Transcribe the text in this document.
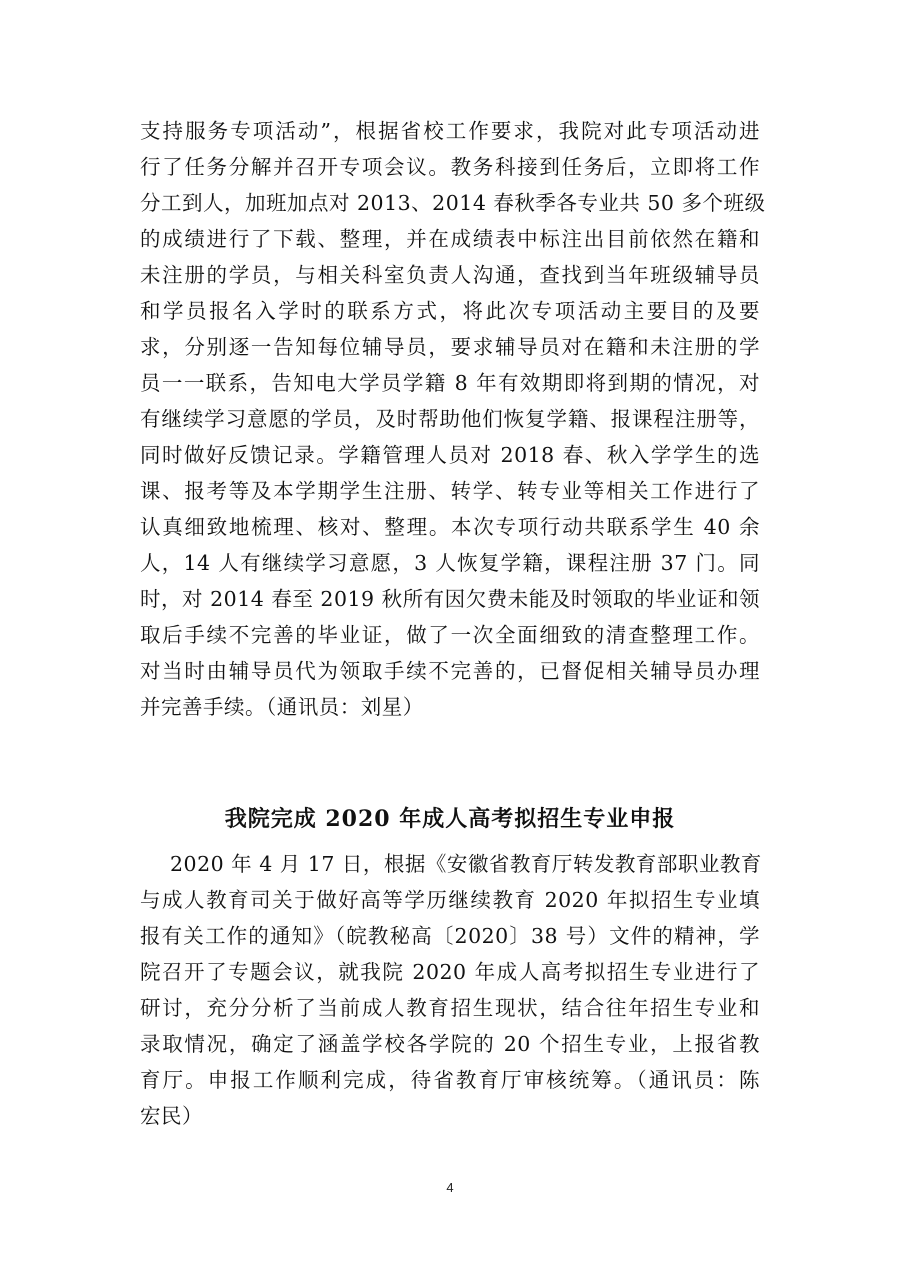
支持服务专项活动”，根据省校工作要求，我院对此专项活动进
行了任务分解并召开专项会议。教务科接到任务后，立即将工作
分工到人，加班加点对 2013、2014 春秋季各专业共 50 多个班级
的成绩进行了下载、整理，并在成绩表中标注出目前依然在籍和
未注册的学员，与相关科室负责人沟通，查找到当年班级辅导员
和学员报名入学时的联系方式，将此次专项活动主要目的及要
求，分别逐一告知每位辅导员，要求辅导员对在籍和未注册的学
员一一联系，告知电大学员学籍 8 年有效期即将到期的情况，对
有继续学习意愿的学员，及时帮助他们恢复学籍、报课程注册等，
同时做好反馈记录。学籍管理人员对 2018 春、秋入学学生的选
课、报考等及本学期学生注册、转学、转专业等相关工作进行了
认真细致地梳理、核对、整理。本次专项行动共联系学生 40 余
人，14 人有继续学习意愿，3 人恢复学籍，课程注册 37 门。同
时，对 2014 春至 2019 秋所有因欠费未能及时领取的毕业证和领
取后手续不完善的毕业证，做了一次全面细致的清查整理工作。
对当时由辅导员代为领取手续不完善的，已督促相关辅导员办理
并完善手续。（通讯员：刘星）
我院完成 2020 年成人高考拟招生专业申报
2020 年 4 月 17 日，根据《安徽省教育厅转发教育部职业教育
与成人教育司关于做好高等学历继续教育 2020 年拟招生专业填
报有关工作的通知》（皖教秘高〔2020〕38 号）文件的精神，学
院召开了专题会议，就我院 2020 年成人高考拟招生专业进行了
研讨，充分分析了当前成人教育招生现状，结合往年招生专业和
录取情况，确定了涵盖学校各学院的 20 个招生专业，上报省教
育厅。申报工作顺利完成，待省教育厅审核统筹。（通讯员：陈
宏民）
4
